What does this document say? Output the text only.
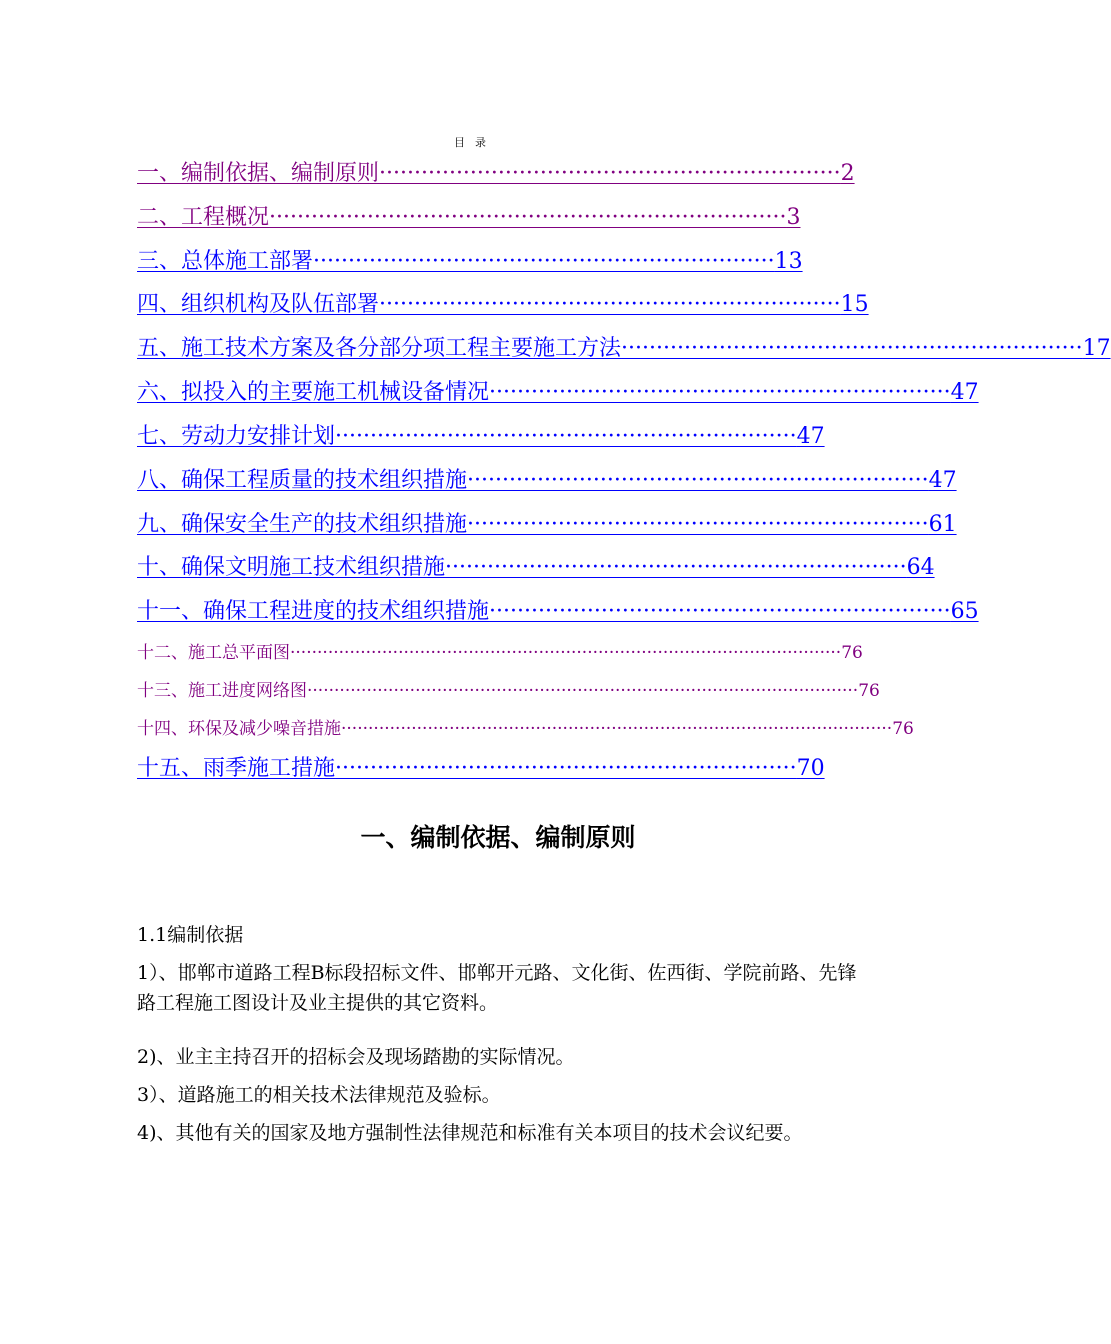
目录
一、编制依据、编制原则 ·································································· 2
二、工程概况 ·········································································· 3
三、总体施工部署 ·································································· 13
四、组织机构及队伍部署 ·································································· 15
五、施工技术方案及各分部分项工程主要施工方法 ·································································· 17
六、拟投入的主要施工机械设备情况 ·································································· 47
七、劳动力安排计划 ·································································· 47
八、确保工程质量的技术组织措施 ·································································· 47
九、确保安全生产的技术组织措施 ·································································· 61
十、确保文明施工技术组织措施 ·································································· 64
十一、确保工程进度的技术组织措施 ·································································· 65
十二、施工总平面图 ······································································································ 76
十三、施工进度网络图 ······································································································ 76
十四、环保及减少噪音措施 ······································································································ 76
十五、雨季施工措施 ·································································· 70
一、编制依据、编制原则
1.1编制依据
1）、邯郸市道路工程B标段招标文件、邯郸开元路、文化街、佐西街、学院前路、先锋路工程施工图设计及业主提供的其它资料。
2)、业主主持召开的招标会及现场踏勘的实际情况。
3）、道路施工的相关技术法律规范及验标。
4)、其他有关的国家及地方强制性法律规范和标准有关本项目的技术会议纪要。
